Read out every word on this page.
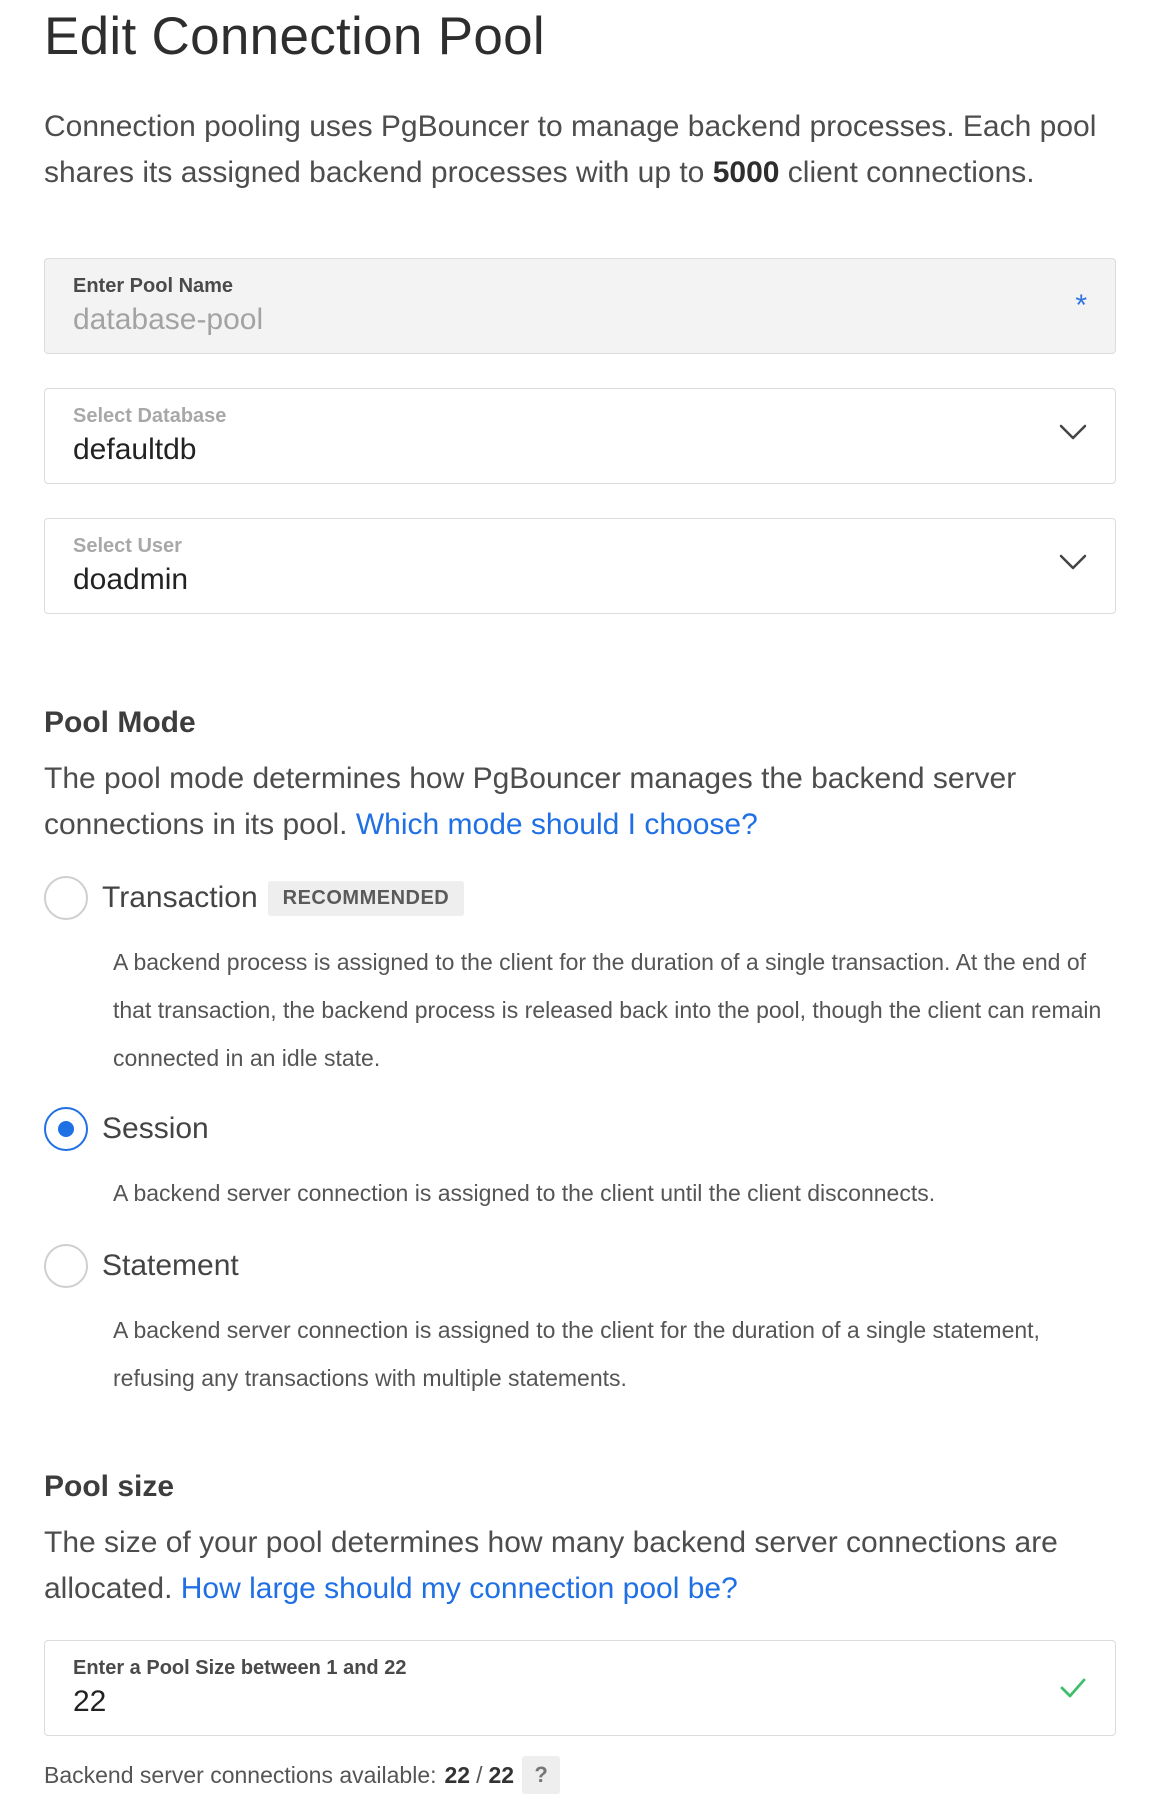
Edit Connection Pool

Connection pooling uses PgBouncer to manage backend processes. Each pool shares its assigned backend processes with up to 5000 client connections.

Enter Pool Name
database-pool	*
Select Database
defaultdb
Select User
doadmin
Pool Mode

The pool mode determines how PgBouncer manages the backend server connections in its pool. Which mode should I choose?

Transaction	RECOMMENDED

A backend process is assigned to the client for the duration of a single transaction. At the end of that transaction, the backend process is released back into the pool, though the client can remain connected in an idle state.

Session

A backend server connection is assigned to the client until the client disconnects.

Statement

A backend server connection is assigned to the client for the duration of a single statement, refusing any transactions with multiple statements.

Pool size

The size of your pool determines how many backend server connections are allocated. How large should my connection pool be?

Enter a Pool Size between 1 and 22
22
Backend server connections available: 22 / 22 ?
